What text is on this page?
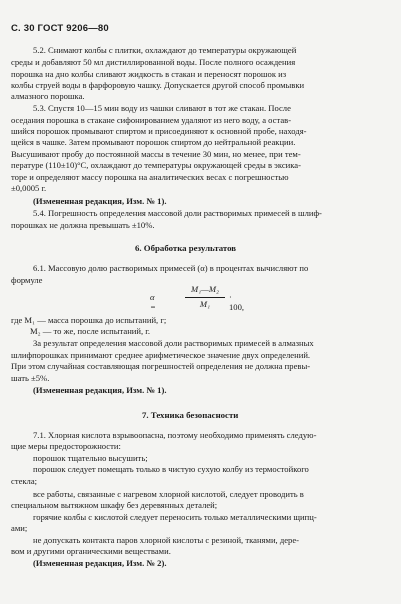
С. 30 ГОСТ 9206—80
5.2. Снимают колбы с плитки, охлаждают до температуры окружающей
среды и добавляют 50 мл дистиллированной воды. После полного осаждения
порошка на дно колбы сливают жидкость в стакан и переносят порошок из
колбы струей воды в фарфоровую чашку. Допускается другой способ промывки
алмазного порошка.
5.3. Спустя 10—15 мин воду из чашки сливают в тот же стакан. После
оседания порошка в стакане сифонированием удаляют из него воду, а остав-
шийся порошок промывают спиртом и присоединяют к основной пробе, находя-
щейся в чашке. Затем промывают порошок спиртом до нейтральной реакции.
Высушивают пробу до постоянной массы в течение 30 мин, но менее, при тем-
пературе (110±10)°С, охлаждают до температуры окружающей среды в эксика-
торе и определяют массу порошка на аналитических весах с погрешностью
±0,0005 г.
(Измененная редакция, Изм. № 1).
5.4. Погрешность определения массовой доли растворимых примесей в шлиф-
порошках не должна превышать ±10%.
6. Обработка результатов
6.1. Массовую долю растворимых примесей (α) в процентах вычисляют по
формуле
α =
M₁—M₂
M₁
· 100,
где M₁ — масса порошка до испытаний, г;
M₂ — то же, после испытаний, г.
За результат определения массовой доли растворимых примесей в алмазных
шлифпорошках принимают среднее арифметическое значение двух определений.
При этом случайная составляющая погрешностей определения не должна превы-
шать ±5%.
(Измененная редакция, Изм. № 1).
7. Техника безопасности
7.1. Хлорная кислота взрывоопасна, поэтому необходимо применять следую-
щие меры предосторожности:
порошок тщательно высушить;
порошок следует помещать только в чистую сухую колбу из термостойкого
стекла;
все работы, связанные с нагревом хлорной кислотой, следует проводить в
специальном вытяжном шкафу без деревянных деталей;
горячие колбы с кислотой следует переносить только металлическими щипц-
ами;
не допускать контакта паров хлорной кислоты с резиной, тканями, дере-
вом и другими органическими веществами.
(Измененная редакция, Изм. № 2).
